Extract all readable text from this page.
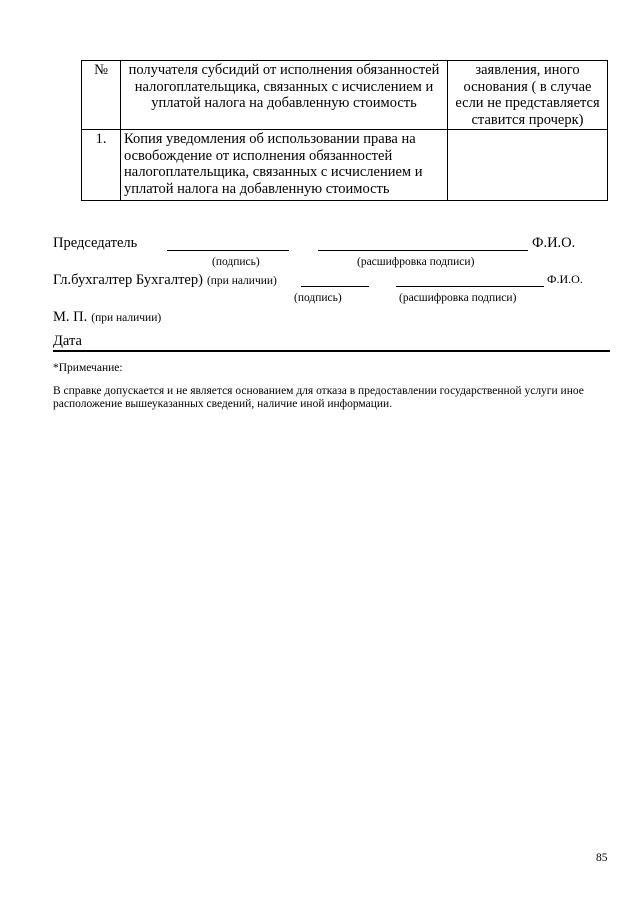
№	получателя субсидий от исполнения обязанностей налогоплательщика, связанных с исчислением и уплатой налога на добавленную стоимость	заявления, иного основания ( в случае если не представляется ставится прочерк)
1.	Копия уведомления об использовании права на освобождение от исполнения обязанностей налогоплательщика, связанных с исчислением и уплатой налога на добавленную стоимость	
Председатель	Ф.И.О.
(подпись)	(расшифровка подписи)
Гл.бухгалтер Бухгалтер) (при наличии)	Ф.И.О.
(подпись)	(расшифровка подписи)
М. П. (при наличии)
Дата
*Примечание:
В справке допускается и не является основанием для отказа в предоставлении государственной услуги иное
расположение вышеуказанных сведений, наличие иной информации.
85
